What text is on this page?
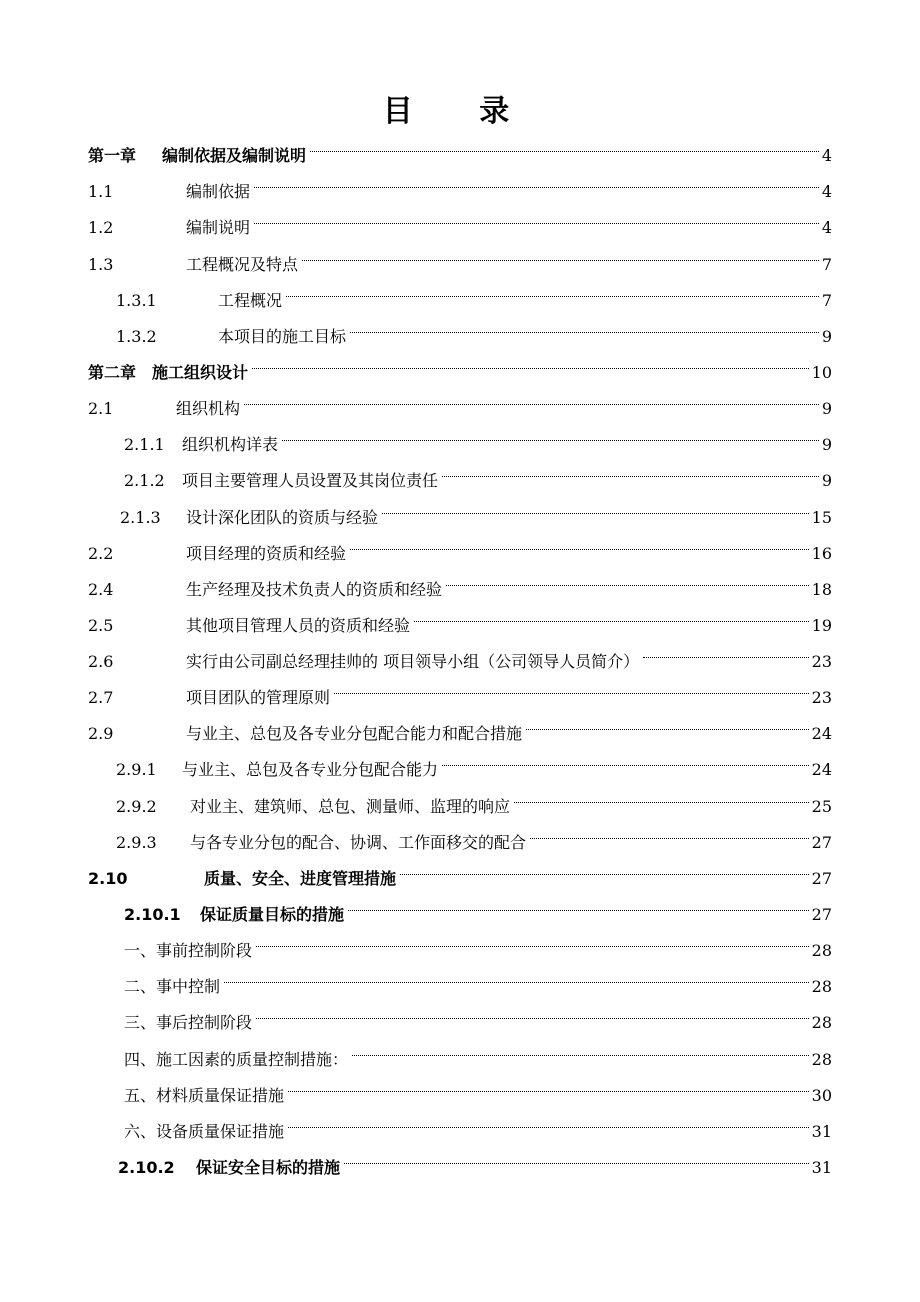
目 录
第一章 编制依据及编制说明	4
1.1	编制依据	4
1.2	编制说明	4
1.3	工程概况及特点	7
1.3.1	工程概况	7
1.3.2	本项目的施工目标	9
第二章 施工组织设计	10
2.1	组织机构	9
2.1.1 组织机构详表	9
2.1.2 项目主要管理人员设置及其岗位责任	9
2.1.3 设计深化团队的资质与经验	15
2.2	项目经理的资质和经验	16
2.4	生产经理及技术负责人的资质和经验	18
2.5	其他项目管理人员的资质和经验	19
2.6	实行由公司副总经理挂帅的 项目领导小组（公司领导人员简介）	23
2.7	项目团队的管理原则	23
2.9	与业主、总包及各专业分包配合能力和配合措施	24
2.9.1 与业主、总包及各专业分包配合能力	24
2.9.2 对业主、建筑师、总包、测量师、监理的响应	25
2.9.3 与各专业分包的配合、协调、工作面移交的配合	27
2.10	质量、安全、进度管理措施	27
2.10.1 保证质量目标的措施	27
一、事前控制阶段	28
二、事中控制	28
三、事后控制阶段	28
四、施工因素的质量控制措施：	28
五、材料质量保证措施	30
六、设备质量保证措施	31
2.10.2 保证安全目标的措施	31
